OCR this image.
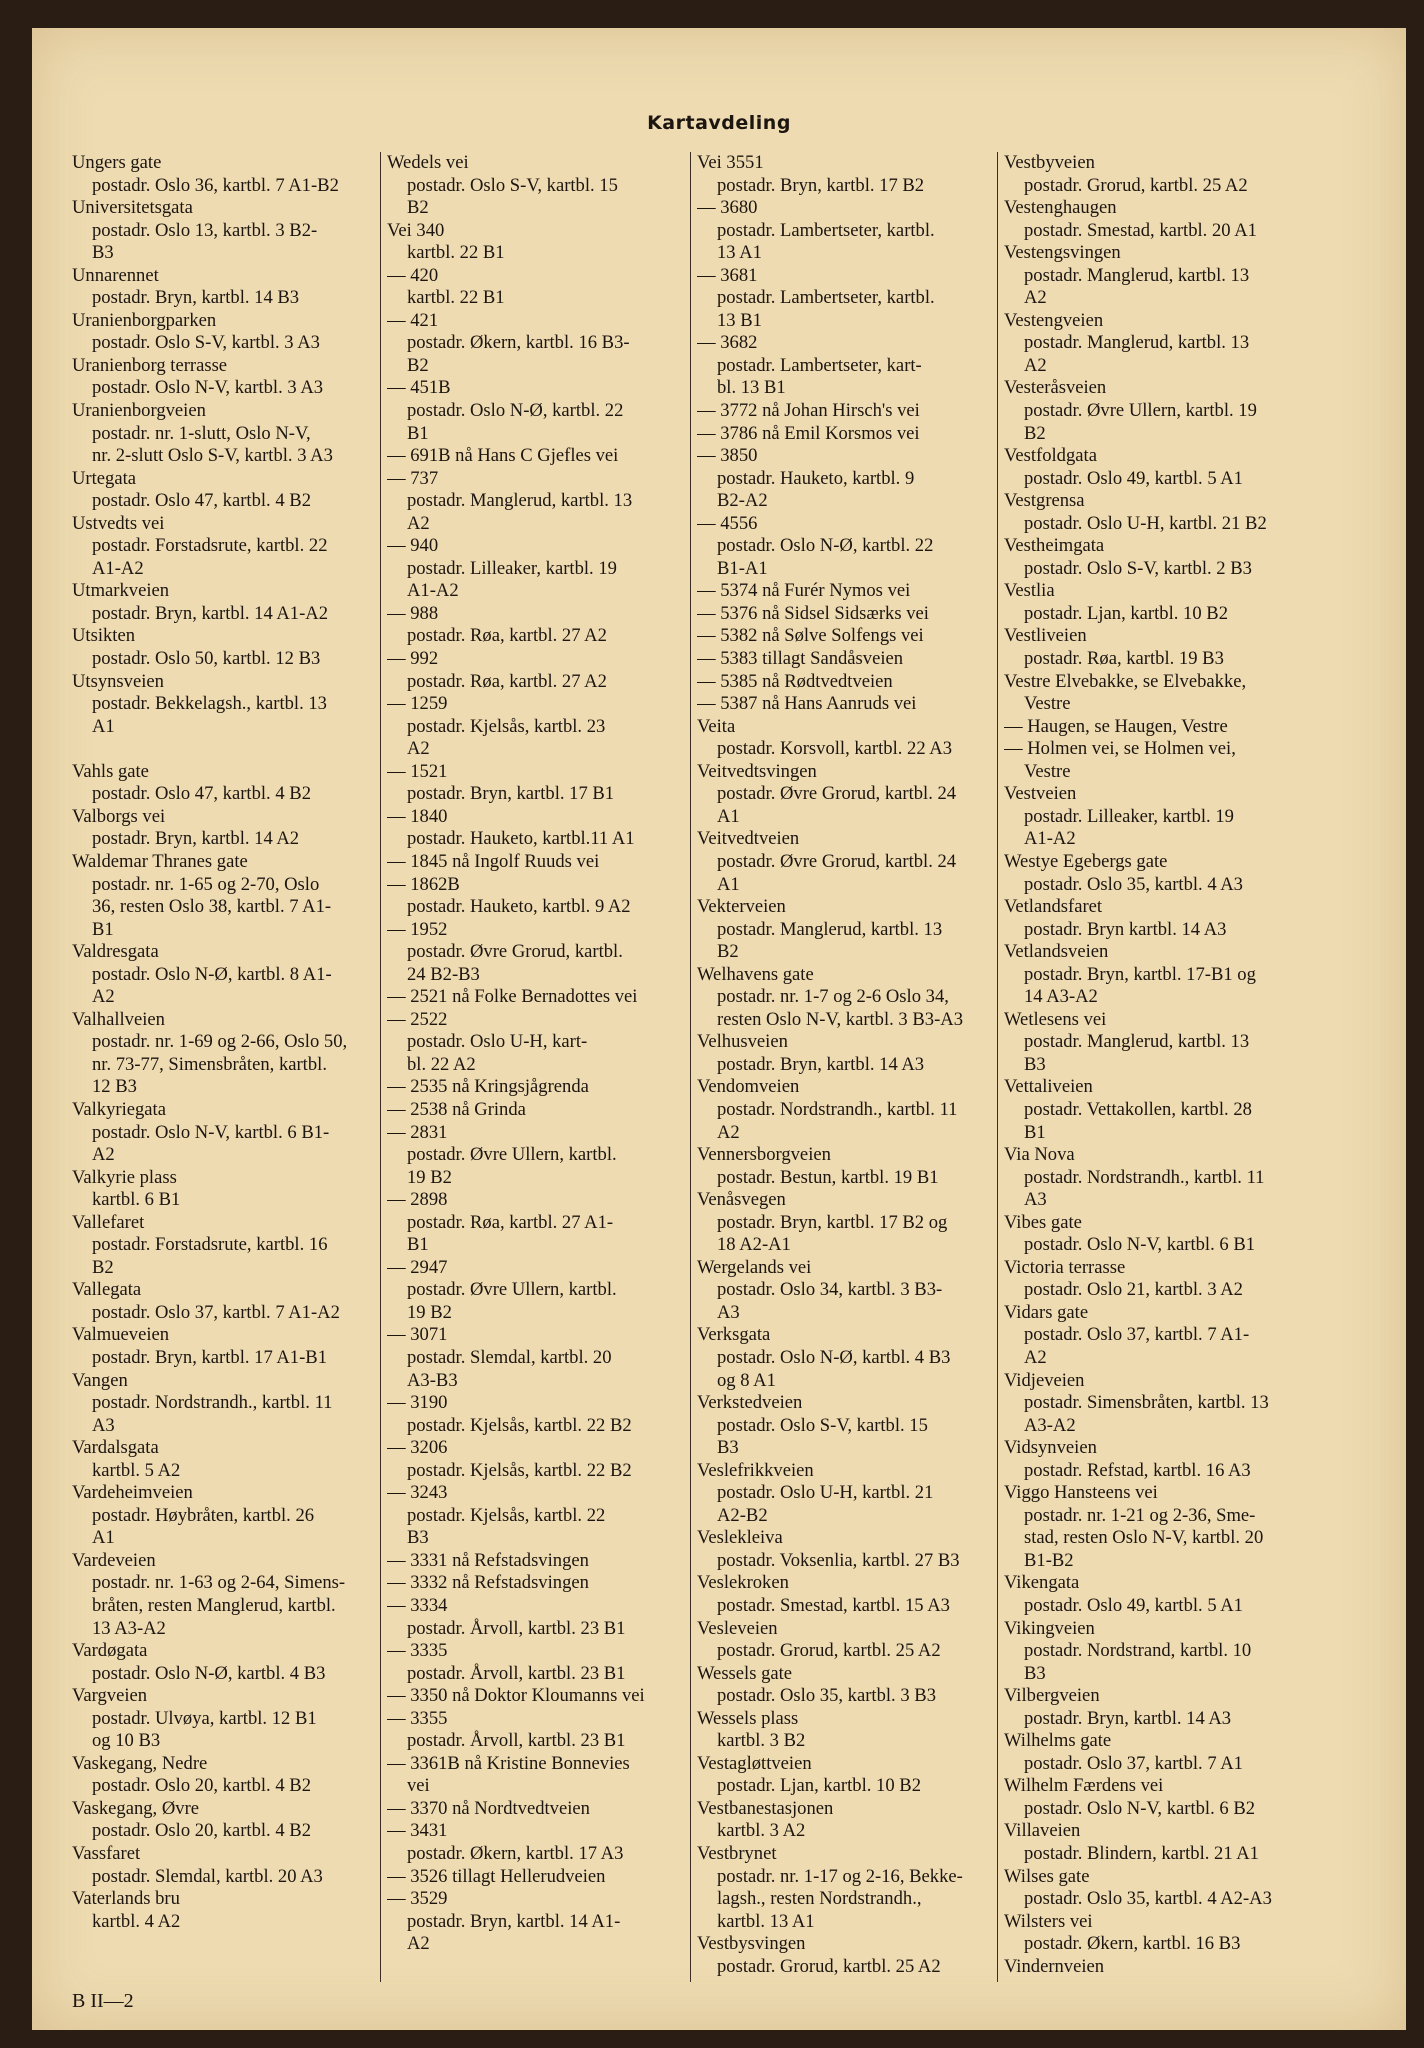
Kartavdeling
Ungers gate
postadr. Oslo 36, kartbl. 7 A1-B2
Universitetsgata
postadr. Oslo 13, kartbl. 3 B2-
B3
Unnarennet
postadr. Bryn, kartbl. 14 B3
Uranienborgparken
postadr. Oslo S-V, kartbl. 3 A3
Uranienborg terrasse
postadr. Oslo N-V, kartbl. 3 A3
Uranienborgveien
postadr. nr. 1-slutt, Oslo N-V,
nr. 2-slutt Oslo S-V, kartbl. 3 A3
Urtegata
postadr. Oslo 47, kartbl. 4 B2
Ustvedts vei
postadr. Forstadsrute, kartbl. 22
A1-A2
Utmarkveien
postadr. Bryn, kartbl. 14 A1-A2
Utsikten
postadr. Oslo 50, kartbl. 12 B3
Utsynsveien
postadr. Bekkelagsh., kartbl. 13
A1
Vahls gate
postadr. Oslo 47, kartbl. 4 B2
Valborgs vei
postadr. Bryn, kartbl. 14 A2
Waldemar Thranes gate
postadr. nr. 1-65 og 2-70, Oslo
36, resten Oslo 38, kartbl. 7 A1-
B1
Valdresgata
postadr. Oslo N-Ø, kartbl. 8 A1-
A2
Valhallveien
postadr. nr. 1-69 og 2-66, Oslo 50,
nr. 73-77, Simensbråten, kartbl.
12 B3
Valkyriegata
postadr. Oslo N-V, kartbl. 6 B1-
A2
Valkyrie plass
kartbl. 6 B1
Vallefaret
postadr. Forstadsrute, kartbl. 16
B2
Vallegata
postadr. Oslo 37, kartbl. 7 A1-A2
Valmueveien
postadr. Bryn, kartbl. 17 A1-B1
Vangen
postadr. Nordstrandh., kartbl. 11
A3
Vardalsgata
kartbl. 5 A2
Vardeheimveien
postadr. Høybråten, kartbl. 26
A1
Vardeveien
postadr. nr. 1-63 og 2-64, Simens-
bråten, resten Manglerud, kartbl.
13 A3-A2
Vardøgata
postadr. Oslo N-Ø, kartbl. 4 B3
Vargveien
postadr. Ulvøya, kartbl. 12 B1
og 10 B3
Vaskegang, Nedre
postadr. Oslo 20, kartbl. 4 B2
Vaskegang, Øvre
postadr. Oslo 20, kartbl. 4 B2
Vassfaret
postadr. Slemdal, kartbl. 20 A3
Vaterlands bru
kartbl. 4 A2
Wedels vei
postadr. Oslo S-V, kartbl. 15
B2
Vei 340
kartbl. 22 B1
— 420
kartbl. 22 B1
— 421
postadr. Økern, kartbl. 16 B3-
B2
— 451B
postadr. Oslo N-Ø, kartbl. 22
B1
— 691B nå Hans C Gjefles vei
— 737
postadr. Manglerud, kartbl. 13
A2
— 940
postadr. Lilleaker, kartbl. 19
A1-A2
— 988
postadr. Røa, kartbl. 27 A2
— 992
postadr. Røa, kartbl. 27 A2
— 1259
postadr. Kjelsås, kartbl. 23
A2
— 1521
postadr. Bryn, kartbl. 17 B1
— 1840
postadr. Hauketo, kartbl.11 A1
— 1845 nå Ingolf Ruuds vei
— 1862B
postadr. Hauketo, kartbl. 9 A2
— 1952
postadr. Øvre Grorud, kartbl.
24 B2-B3
— 2521 nå Folke Bernadottes vei
— 2522
postadr. Oslo U-H, kart-
bl. 22 A2
— 2535 nå Kringsjågrenda
— 2538 nå Grinda
— 2831
postadr. Øvre Ullern, kartbl.
19 B2
— 2898
postadr. Røa, kartbl. 27 A1-
B1
— 2947
postadr. Øvre Ullern, kartbl.
19 B2
— 3071
postadr. Slemdal, kartbl. 20
A3-B3
— 3190
postadr. Kjelsås, kartbl. 22 B2
— 3206
postadr. Kjelsås, kartbl. 22 B2
— 3243
postadr. Kjelsås, kartbl. 22
B3
— 3331 nå Refstadsvingen
— 3332 nå Refstadsvingen
— 3334
postadr. Årvoll, kartbl. 23 B1
— 3335
postadr. Årvoll, kartbl. 23 B1
— 3350 nå Doktor Kloumanns vei
— 3355
postadr. Årvoll, kartbl. 23 B1
— 3361B nå Kristine Bonnevies
vei
— 3370 nå Nordtvedtveien
— 3431
postadr. Økern, kartbl. 17 A3
— 3526 tillagt Hellerudveien
— 3529
postadr. Bryn, kartbl. 14 A1-
A2
Vei 3551
postadr. Bryn, kartbl. 17 B2
— 3680
postadr. Lambertseter, kartbl.
13 A1
— 3681
postadr. Lambertseter, kartbl.
13 B1
— 3682
postadr. Lambertseter, kart-
bl. 13 B1
— 3772 nå Johan Hirsch's vei
— 3786 nå Emil Korsmos vei
— 3850
postadr. Hauketo, kartbl. 9
B2-A2
— 4556
postadr. Oslo N-Ø, kartbl. 22
B1-A1
— 5374 nå Furér Nymos vei
— 5376 nå Sidsel Sidsærks vei
— 5382 nå Sølve Solfengs vei
— 5383 tillagt Sandåsveien
— 5385 nå Rødtvedtveien
— 5387 nå Hans Aanruds vei
Veita
postadr. Korsvoll, kartbl. 22 A3
Veitvedtsvingen
postadr. Øvre Grorud, kartbl. 24
A1
Veitvedtveien
postadr. Øvre Grorud, kartbl. 24
A1
Vekterveien
postadr. Manglerud, kartbl. 13
B2
Welhavens gate
postadr. nr. 1-7 og 2-6 Oslo 34,
resten Oslo N-V, kartbl. 3 B3-A3
Velhusveien
postadr. Bryn, kartbl. 14 A3
Vendomveien
postadr. Nordstrandh., kartbl. 11
A2
Vennersborgveien
postadr. Bestun, kartbl. 19 B1
Venåsvegen
postadr. Bryn, kartbl. 17 B2 og
18 A2-A1
Wergelands vei
postadr. Oslo 34, kartbl. 3 B3-
A3
Verksgata
postadr. Oslo N-Ø, kartbl. 4 B3
og 8 A1
Verkstedveien
postadr. Oslo S-V, kartbl. 15
B3
Veslefrikkveien
postadr. Oslo U-H, kartbl. 21
A2-B2
Veslekleiva
postadr. Voksenlia, kartbl. 27 B3
Veslekroken
postadr. Smestad, kartbl. 15 A3
Vesleveien
postadr. Grorud, kartbl. 25 A2
Wessels gate
postadr. Oslo 35, kartbl. 3 B3
Wessels plass
kartbl. 3 B2
Vestagløttveien
postadr. Ljan, kartbl. 10 B2
Vestbanestasjonen
kartbl. 3 A2
Vestbrynet
postadr. nr. 1-17 og 2-16, Bekke-
lagsh., resten Nordstrandh.,
kartbl. 13 A1
Vestbysvingen
postadr. Grorud, kartbl. 25 A2
Vestbyveien
postadr. Grorud, kartbl. 25 A2
Vestenghaugen
postadr. Smestad, kartbl. 20 A1
Vestengsvingen
postadr. Manglerud, kartbl. 13
A2
Vestengveien
postadr. Manglerud, kartbl. 13
A2
Vesteråsveien
postadr. Øvre Ullern, kartbl. 19
B2
Vestfoldgata
postadr. Oslo 49, kartbl. 5 A1
Vestgrensa
postadr. Oslo U-H, kartbl. 21 B2
Vestheimgata
postadr. Oslo S-V, kartbl. 2 B3
Vestlia
postadr. Ljan, kartbl. 10 B2
Vestliveien
postadr. Røa, kartbl. 19 B3
Vestre Elvebakke, se Elvebakke,
Vestre
— Haugen, se Haugen, Vestre
— Holmen vei, se Holmen vei,
Vestre
Vestveien
postadr. Lilleaker, kartbl. 19
A1-A2
Westye Egebergs gate
postadr. Oslo 35, kartbl. 4 A3
Vetlandsfaret
postadr. Bryn kartbl. 14 A3
Vetlandsveien
postadr. Bryn, kartbl. 17-B1 og
14 A3-A2
Wetlesens vei
postadr. Manglerud, kartbl. 13
B3
Vettaliveien
postadr. Vettakollen, kartbl. 28
B1
Via Nova
postadr. Nordstrandh., kartbl. 11
A3
Vibes gate
postadr. Oslo N-V, kartbl. 6 B1
Victoria terrasse
postadr. Oslo 21, kartbl. 3 A2
Vidars gate
postadr. Oslo 37, kartbl. 7 A1-
A2
Vidjeveien
postadr. Simensbråten, kartbl. 13
A3-A2
Vidsynveien
postadr. Refstad, kartbl. 16 A3
Viggo Hansteens vei
postadr. nr. 1-21 og 2-36, Sme-
stad, resten Oslo N-V, kartbl. 20
B1-B2
Vikengata
postadr. Oslo 49, kartbl. 5 A1
Vikingveien
postadr. Nordstrand, kartbl. 10
B3
Vilbergveien
postadr. Bryn, kartbl. 14 A3
Wilhelms gate
postadr. Oslo 37, kartbl. 7 A1
Wilhelm Færdens vei
postadr. Oslo N-V, kartbl. 6 B2
Villaveien
postadr. Blindern, kartbl. 21 A1
Wilses gate
postadr. Oslo 35, kartbl. 4 A2-A3
Wilsters vei
postadr. Økern, kartbl. 16 B3
Vindernveien
B II—2
